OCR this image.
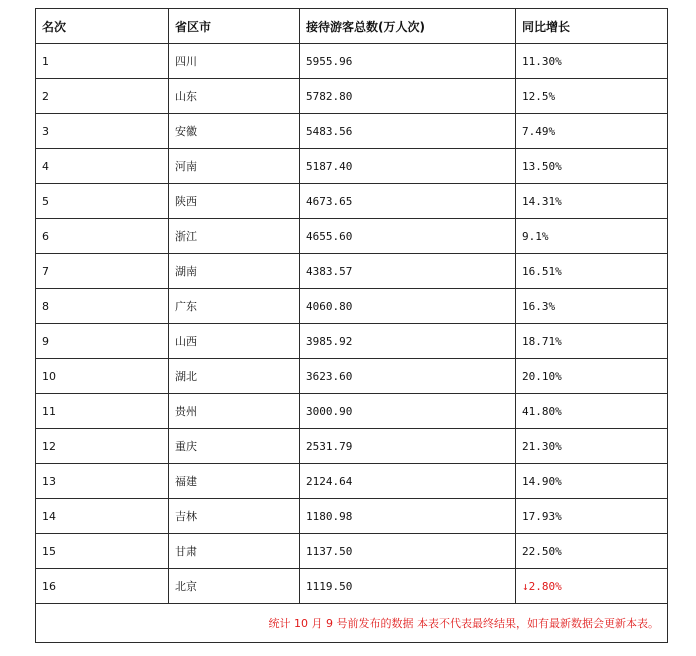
名次	省区市	接待游客总数(万人次)	同比增长
1	四川	5955.96	11.30%
2	山东	5782.80	12.5%
3	安徽	5483.56	7.49%
4	河南	5187.40	13.50%
5	陕西	4673.65	14.31%
6	浙江	4655.60	9.1%
7	湖南	4383.57	16.51%
8	广东	4060.80	16.3%
9	山西	3985.92	18.71%
10	湖北	3623.60	20.10%
11	贵州	3000.90	41.80%
12	重庆	2531.79	21.30%
13	福建	2124.64	14.90%
14	吉林	1180.98	17.93%
15	甘肃	1137.50	22.50%
16	北京	1119.50	↓2.80%
统计 10 月 9 号前发布的数据 本表不代表最终结果，如有最新数据会更新本表。			
